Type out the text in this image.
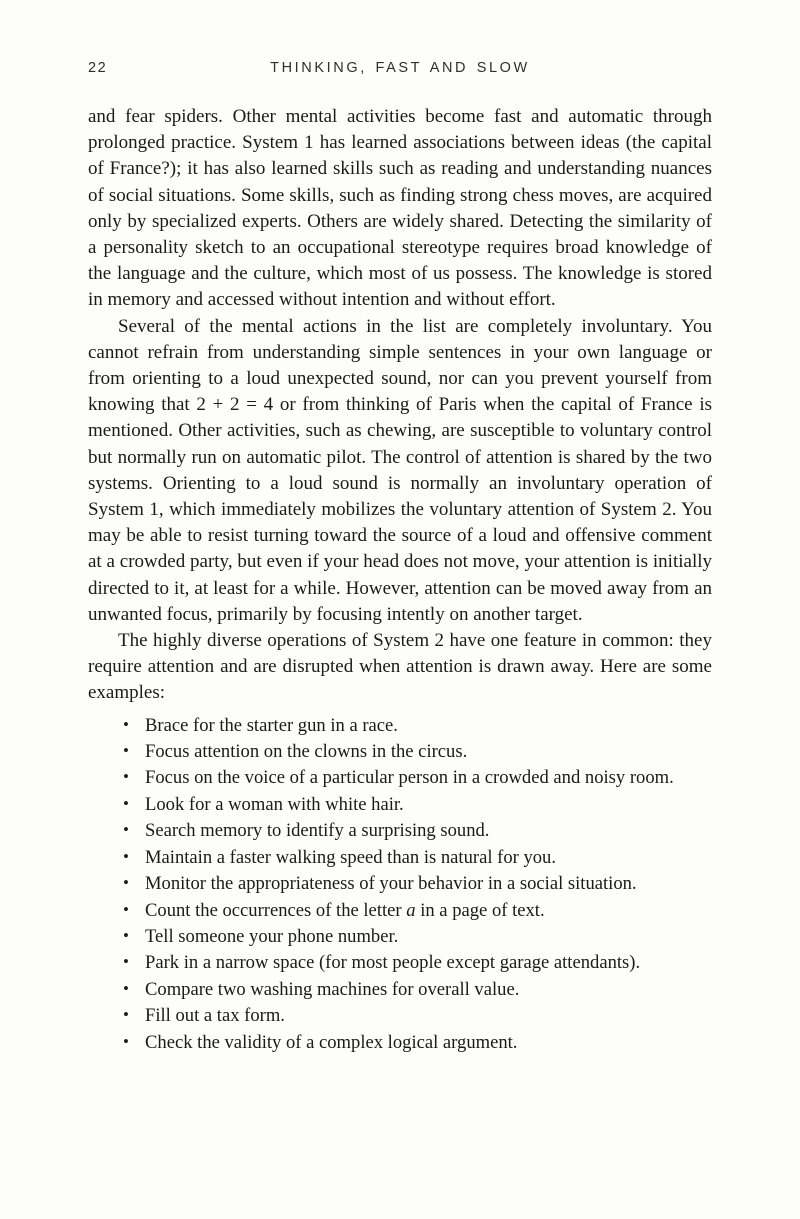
22	THINKING, FAST AND SLOW

and fear spiders. Other mental activities become fast and automatic through prolonged practice. System 1 has learned associations between ideas (the capital of France?); it has also learned skills such as reading and understanding nuances of social situations. Some skills, such as finding strong chess moves, are acquired only by specialized experts. Others are widely shared. Detecting the similarity of a personality sketch to an occupational stereotype requires broad knowledge of the language and the culture, which most of us possess. The knowledge is stored in memory and accessed without intention and without effort.

Several of the mental actions in the list are completely involuntary. You cannot refrain from understanding simple sentences in your own language or from orienting to a loud unexpected sound, nor can you prevent yourself from knowing that 2 + 2 = 4 or from thinking of Paris when the capital of France is mentioned. Other activities, such as chewing, are susceptible to voluntary control but normally run on automatic pilot. The control of attention is shared by the two systems. Orienting to a loud sound is normally an involuntary operation of System 1, which immediately mobilizes the voluntary attention of System 2. You may be able to resist turning toward the source of a loud and offensive comment at a crowded party, but even if your head does not move, your attention is initially directed to it, at least for a while. However, attention can be moved away from an unwanted focus, primarily by focusing intently on another target.

The highly diverse operations of System 2 have one feature in common: they require attention and are disrupted when attention is drawn away. Here are some examples:

• Brace for the starter gun in a race.
• Focus attention on the clowns in the circus.
• Focus on the voice of a particular person in a crowded and noisy room.
• Look for a woman with white hair.
• Search memory to identify a surprising sound.
• Maintain a faster walking speed than is natural for you.
• Monitor the appropriateness of your behavior in a social situation.
• Count the occurrences of the letter a in a page of text.
• Tell someone your phone number.
• Park in a narrow space (for most people except garage attendants).
• Compare two washing machines for overall value.
• Fill out a tax form.
• Check the validity of a complex logical argument.
